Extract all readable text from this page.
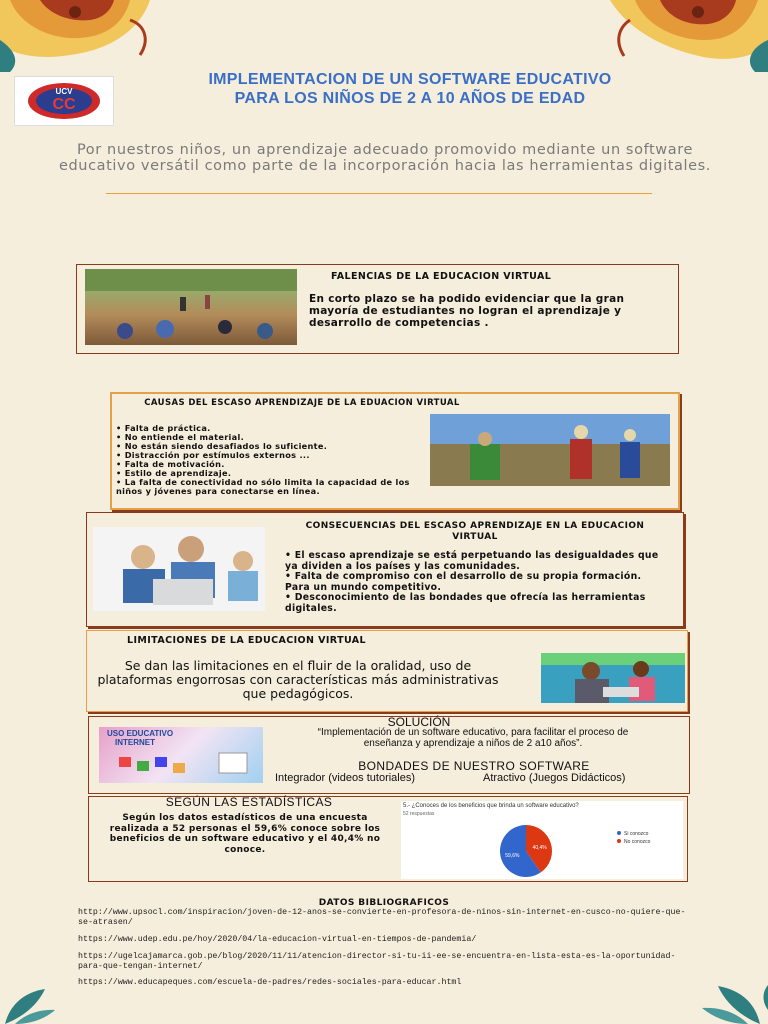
UCV
CC
IMPLEMENTACION DE UN SOFTWARE EDUCATIVO
PARA LOS NIÑOS DE 2 A 10 AÑOS DE EDAD
Por nuestros niños, un aprendizaje adecuado promovido mediante un software educativo versátil como parte de la incorporación hacia las herramientas digitales.
FALENCIAS DE LA EDUCACION VIRTUAL
En corto plazo se ha podido evidenciar que la gran mayoría de estudiantes no logran el aprendizaje y desarrollo de competencias .
CAUSAS DEL ESCASO APRENDIZAJE DE LA EDUACION VIRTUAL
• Falta de práctica.
• No entiende el material.
• No están siendo desafiados lo suficiente.
• Distracción por estímulos externos ...
• Falta de motivación.
• Estilo de aprendizaje.
• La falta de conectividad no sólo limita la capacidad de los niños y jóvenes para conectarse en línea.
CONSECUENCIAS DEL ESCASO APRENDIZAJE EN LA EDUCACION VIRTUAL
• El escaso aprendizaje se está perpetuando las desigualdades que ya dividen a los países y las comunidades.
• Falta de compromiso con el desarrollo de su propia formación. Para un mundo competitivo.
• Desconocimiento de las bondades que ofrecía las herramientas digitales.
LIMITACIONES DE LA EDUCACION VIRTUAL
Se dan las limitaciones en el fluir de la oralidad, uso de plataformas engorrosas con características más administrativas que pedagógicos.
USO EDUCATIVO
INTERNET
SOLUCIÓN
“Implementación de un software educativo, para facilitar el proceso de enseñanza y aprendizaje a niños de 2 a10 años”.
BONDADES DE NUESTRO SOFTWARE
Integrador (videos tutoriales)	Atractivo (Juegos Didácticos)
SEGÚN LAS ESTADÍSTICAS
Según los datos estadísticos de una encuesta realizada a 52 personas el 59,6% conoce sobre los beneficios de un software educativo y el 40,4% no conoce.
5.- ¿Conoces de los beneficios que brinda un software educativo?
52 respuestas
40,4%
59,6%
Si conozco
No conozco
DATOS BIBLIOGRAFICOS
http://www.upsocl.com/inspiracion/joven-de-12-anos-se-convierte-en-profesora-de-ninos-sin-internet-en-cusco-no-quiere-que-se-atrasen/
https://www.udep.edu.pe/hoy/2020/04/la-educacion-virtual-en-tiempos-de-pandemia/
https://ugelcajamarca.gob.pe/blog/2020/11/11/atencion-director-si-tu-ii-ee-se-encuentra-en-lista-esta-es-la-oportunidad-para-que-tengan-internet/
https://www.educapeques.com/escuela-de-padres/redes-sociales-para-educar.html
